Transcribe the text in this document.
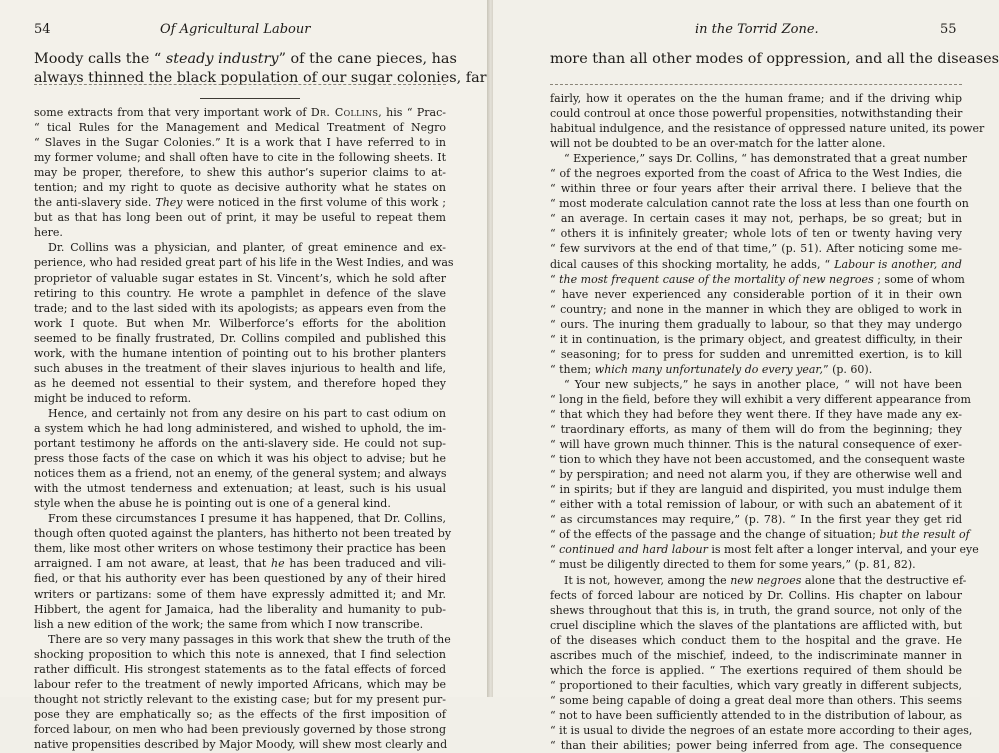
54	Of Agricultural Labour
Moody calls the “ steady industry” of the cane pieces, has
always thinned the black population of our sugar colonies, far
some extracts from that very important work of Dr. Collins, his “ Prac-
“ tical Rules for the Management and Medical Treatment of Negro
“ Slaves in the Sugar Colonies.” It is a work that I have referred to in
my former volume; and shall often have to cite in the following sheets. It
may be proper, therefore, to shew this author’s superior claims to at-
tention; and my right to quote as decisive authority what he states on
the anti-slavery side. They were noticed in the first volume of this work ;
but as that has long been out of print, it may be useful to repeat them
here.
Dr. Collins was a physician, and planter, of great eminence and ex-
perience, who had resided great part of his life in the West Indies, and was
proprietor of valuable sugar estates in St. Vincent’s, which he sold after
retiring to this country. He wrote a pamphlet in defence of the slave
trade; and to the last sided with its apologists; as appears even from the
work I quote. But when Mr. Wilberforce’s efforts for the abolition
seemed to be finally frustrated, Dr. Collins compiled and published this
work, with the humane intention of pointing out to his brother planters
such abuses in the treatment of their slaves injurious to health and life,
as he deemed not essential to their system, and therefore hoped they
might be induced to reform.
Hence, and certainly not from any desire on his part to cast odium on
a system which he had long administered, and wished to uphold, the im-
portant testimony he affords on the anti-slavery side. He could not sup-
press those facts of the case on which it was his object to advise; but he
notices them as a friend, not an enemy, of the general system; and always
with the utmost tenderness and extenuation; at least, such is his usual
style when the abuse he is pointing out is one of a general kind.
From these circumstances I presume it has happened, that Dr. Collins,
though often quoted against the planters, has hitherto not been treated by
them, like most other writers on whose testimony their practice has been
arraigned. I am not aware, at least, that he has been traduced and vili-
fied, or that his authority ever has been questioned by any of their hired
writers or partizans: some of them have expressly admitted it; and Mr.
Hibbert, the agent for Jamaica, had the liberality and humanity to pub-
lish a new edition of the work; the same from which I now transcribe.
There are so very many passages in this work that shew the truth of the
shocking proposition to which this note is annexed, that I find selection
rather difficult. His strongest statements as to the fatal effects of forced
labour refer to the treatment of newly imported Africans, which may be
thought not strictly relevant to the existing case; but for my present pur-
pose they are emphatically so; as the effects of the first imposition of
forced labour, on men who had been previously governed by those strong
native propensities described by Major Moody, will shew most clearly and
in the Torrid Zone.	55
more than all other modes of oppression, and all the diseases
fairly, how it operates on the the human frame; and if the driving whip
could controul at once those powerful propensities, notwithstanding their
habitual indulgence, and the resistance of oppressed nature united, its power
will not be doubted to be an over-match for the latter alone.
“ Experience,” says Dr. Collins, “ has demonstrated that a great number
“ of the negroes exported from the coast of Africa to the West Indies, die
“ within three or four years after their arrival there. I believe that the
“ most moderate calculation cannot rate the loss at less than one fourth on
“ an average. In certain cases it may not, perhaps, be so great; but in
“ others it is infinitely greater; whole lots of ten or twenty having very
“ few survivors at the end of that time,” (p. 51). After noticing some me-
dical causes of this shocking mortality, he adds, “ Labour is another, and
“ the most frequent cause of the mortality of new negroes ; some of whom
“ have never experienced any considerable portion of it in their own
“ country; and none in the manner in which they are obliged to work in
“ ours. The inuring them gradually to labour, so that they may undergo
“ it in continuation, is the primary object, and greatest difficulty, in their
“ seasoning; for to press for sudden and unremitted exertion, is to kill
“ them; which many unfortunately do every year,” (p. 60).
“ Your new subjects,” he says in another place, “ will not have been
“ long in the field, before they will exhibit a very different appearance from
“ that which they had before they went there. If they have made any ex-
“ traordinary efforts, as many of them will do from the beginning; they
“ will have grown much thinner. This is the natural consequence of exer-
“ tion to which they have not been accustomed, and the consequent waste
“ by perspiration; and need not alarm you, if they are otherwise well and
“ in spirits; but if they are languid and dispirited, you must indulge them
“ either with a total remission of labour, or with such an abatement of it
“ as circumstances may require,” (p. 78). “ In the first year they get rid
“ of the effects of the passage and the change of situation; but the result of
“ continued and hard labour is most felt after a longer interval, and your eye
“ must be diligently directed to them for some years,” (p. 81, 82).
It is not, however, among the new negroes alone that the destructive ef-
fects of forced labour are noticed by Dr. Collins. His chapter on labour
shews throughout that this is, in truth, the grand source, not only of the
cruel discipline which the slaves of the plantations are afflicted with, but
of the diseases which conduct them to the hospital and the grave. He
ascribes much of the mischief, indeed, to the indiscriminate manner in
which the force is applied. “ The exertions required of them should be
“ proportioned to their faculties, which vary greatly in different subjects,
“ some being capable of doing a great deal more than others. This seems
“ not to have been sufficiently attended to in the distribution of labour, as
“ it is usual to divide the negroes of an estate more according to their ages,
“ than their abilities; power being inferred from age. The consequence
